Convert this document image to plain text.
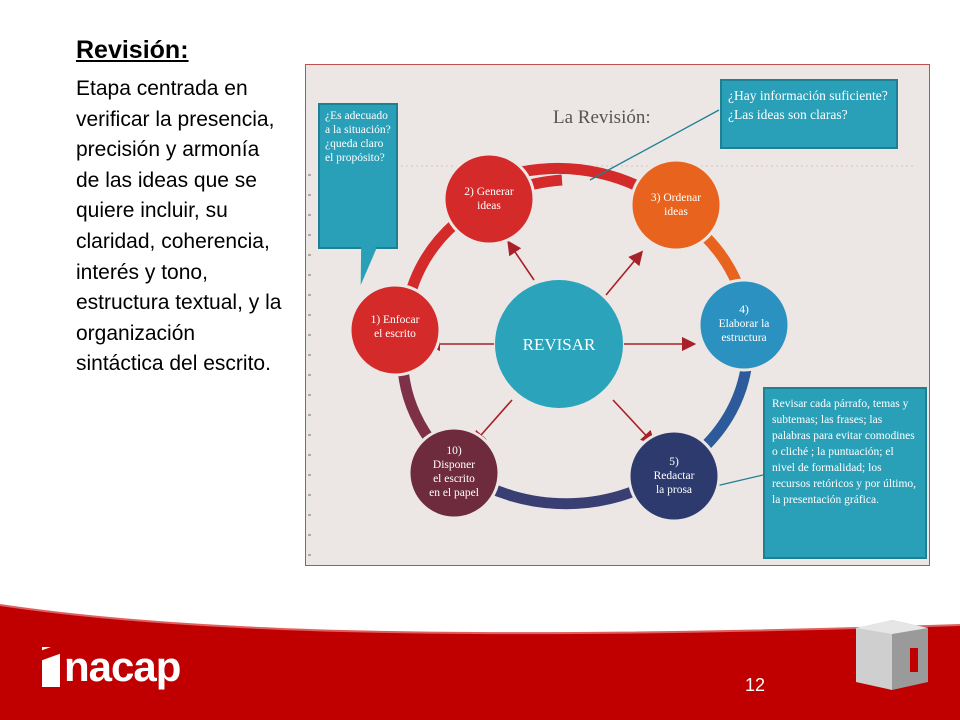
Revisión:

Etapa centrada en verificar la presencia, precisión y armonía de las ideas que se quiere incluir, su claridad, coherencia, interés y tono, estructura textual, y la organización sintáctica del escrito.

REVISAR
1) Enfocar
el escrito
2) Generar
ideas
3) Ordenar
ideas
4)
Elaborar la
estructura
5)
Redactar
la prosa
10)
Disponer
el escrito
en el papel
La Revisión:
¿Es adecuado a la situación? ¿queda claro el propósito?
¿Hay información suficiente? ¿Las ideas son claras?
Revisar cada párrafo, temas y subtemas; las frases; las palabras para evitar comodines o cliché ; la puntuación; el nivel de formalidad; los recursos retóricos y por último, la presentación gráfica.
nacap	12
